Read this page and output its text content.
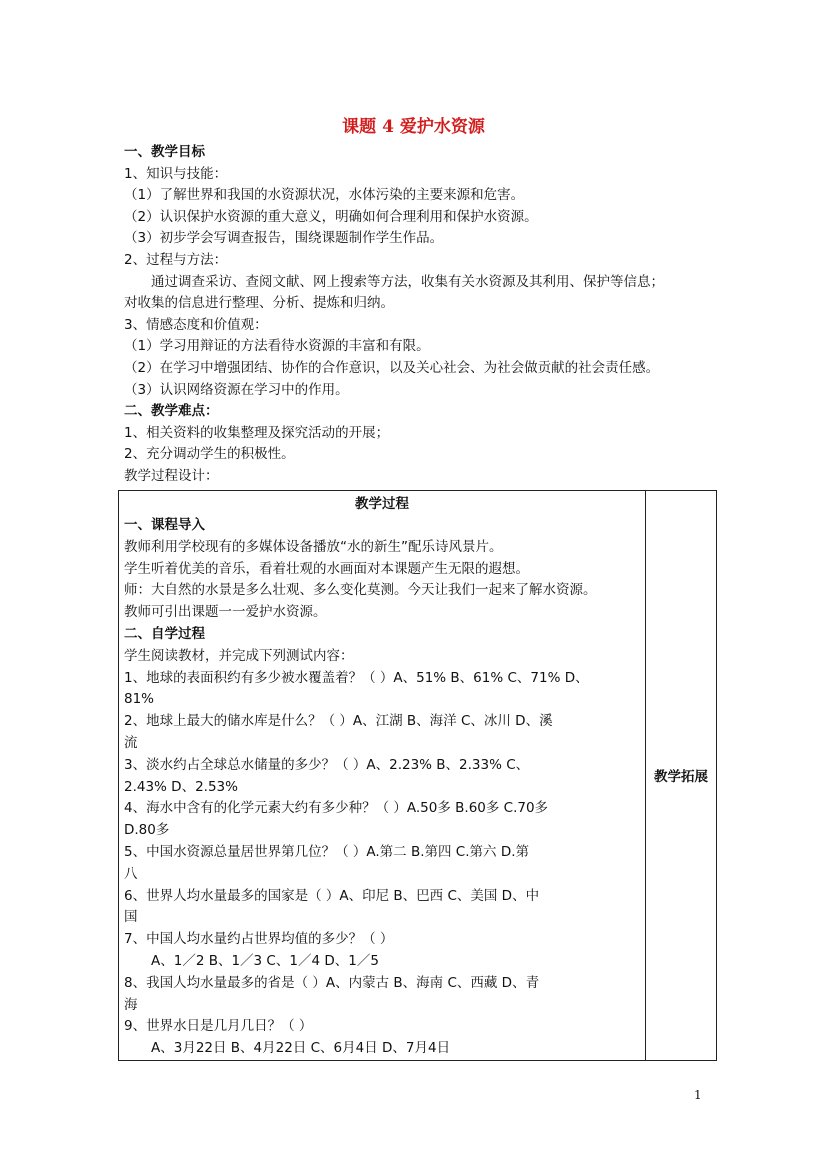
课题 4 爱护水资源
一、教学目标
1、知识与技能：
（1）了解世界和我国的水资源状况，水体污染的主要来源和危害。
（2）认识保护水资源的重大意义，明确如何合理利用和保护水资源。
（3）初步学会写调查报告，围绕课题制作学生作品。
2、过程与方法：
通过调查采访、查阅文献、网上搜索等方法，收集有关水资源及其利用、保护等信息；
对收集的信息进行整理、分析、提炼和归纳。
3、情感态度和价值观：
（1）学习用辩证的方法看待水资源的丰富和有限。
（2）在学习中增强团结、协作的合作意识，以及关心社会、为社会做贡献的社会责任感。
（3）认识网络资源在学习中的作用。
二、教学难点：
1、相关资料的收集整理及探究活动的开展；
2、充分调动学生的积极性。
教学过程设计：
教学过程
一、课程导入
教师利用学校现有的多媒体设备播放“水的新生”配乐诗风景片。
学生听着优美的音乐，看着壮观的水画面对本课题产生无限的遐想。
师：大自然的水景是多么壮观、多么变化莫测。今天让我们一起来了解水资源。
教师可引出课题一一爱护水资源。
二、自学过程
学生阅读教材，并完成下列测试内容：
1、地球的表面积约有多少被水覆盖着？（ ）A、51% B、61% C、71% D、
81%
2、地球上最大的储水库是什么？（ ）A、江湖 B、海洋 C、冰川 D、溪
流
3、淡水约占全球总水储量的多少？（ ）A、2.23% B、2.33% C、
2.43% D、2.53%
4、海水中含有的化学元素大约有多少种？（ ）A.50多 B.60多 C.70多
D.80多
5、中国水资源总量居世界第几位？（ ）A.第二 B.第四 C.第六 D.第
八
6、世界人均水量最多的国家是（ ）A、印尼 B、巴西 C、美国 D、中
国
7、中国人均水量约占世界均值的多少？（ ）
A、1／2 B、1／3 C、1／4 D、1／5
8、我国人均水量最多的省是（ ）A、内蒙古 B、海南 C、西藏 D、青
海
9、世界水日是几月几日？（ ）
A、3月22日 B、4月22日 C、6月4日 D、7月4日
	教学拓展
1
